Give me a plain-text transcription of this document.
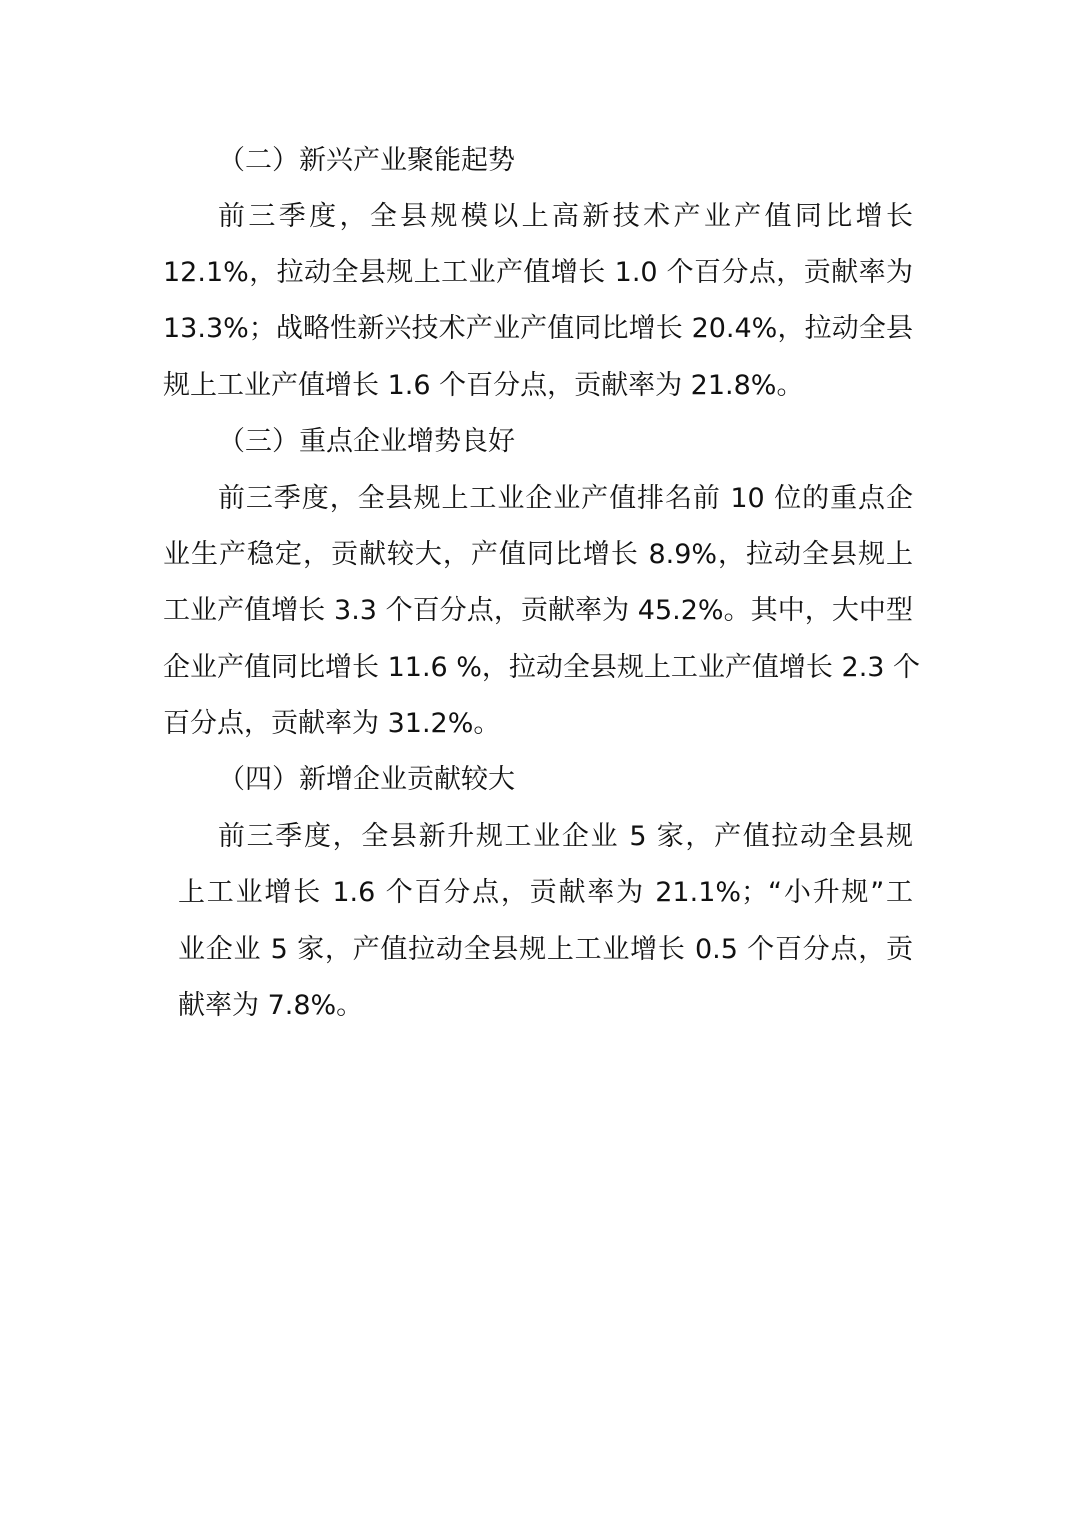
（二）新兴产业聚能起势
前三季度，全县规模以上高新技术产业产值同比增长
12.1%，拉动全县规上工业产值增长 1.0 个百分点，贡献率为
13.3%；战略性新兴技术产业产值同比增长 20.4%，拉动全县
规上工业产值增长 1.6 个百分点，贡献率为 21.8%。
（三）重点企业增势良好
前三季度，全县规上工业企业产值排名前 10 位的重点企
业生产稳定，贡献较大，产值同比增长 8.9%，拉动全县规上
工业产值增长 3.3 个百分点，贡献率为 45.2%。其中，大中型
企业产值同比增长 11.6 %，拉动全县规上工业产值增长 2.3 个
百分点，贡献率为 31.2%。
（四）新增企业贡献较大
前三季度，全县新升规工业企业 5 家，产值拉动全县规
上工业增长 1.6 个百分点，贡献率为 21.1%；“小升规”工
业企业 5 家，产值拉动全县规上工业增长 0.5 个百分点，贡
献率为 7.8%。
